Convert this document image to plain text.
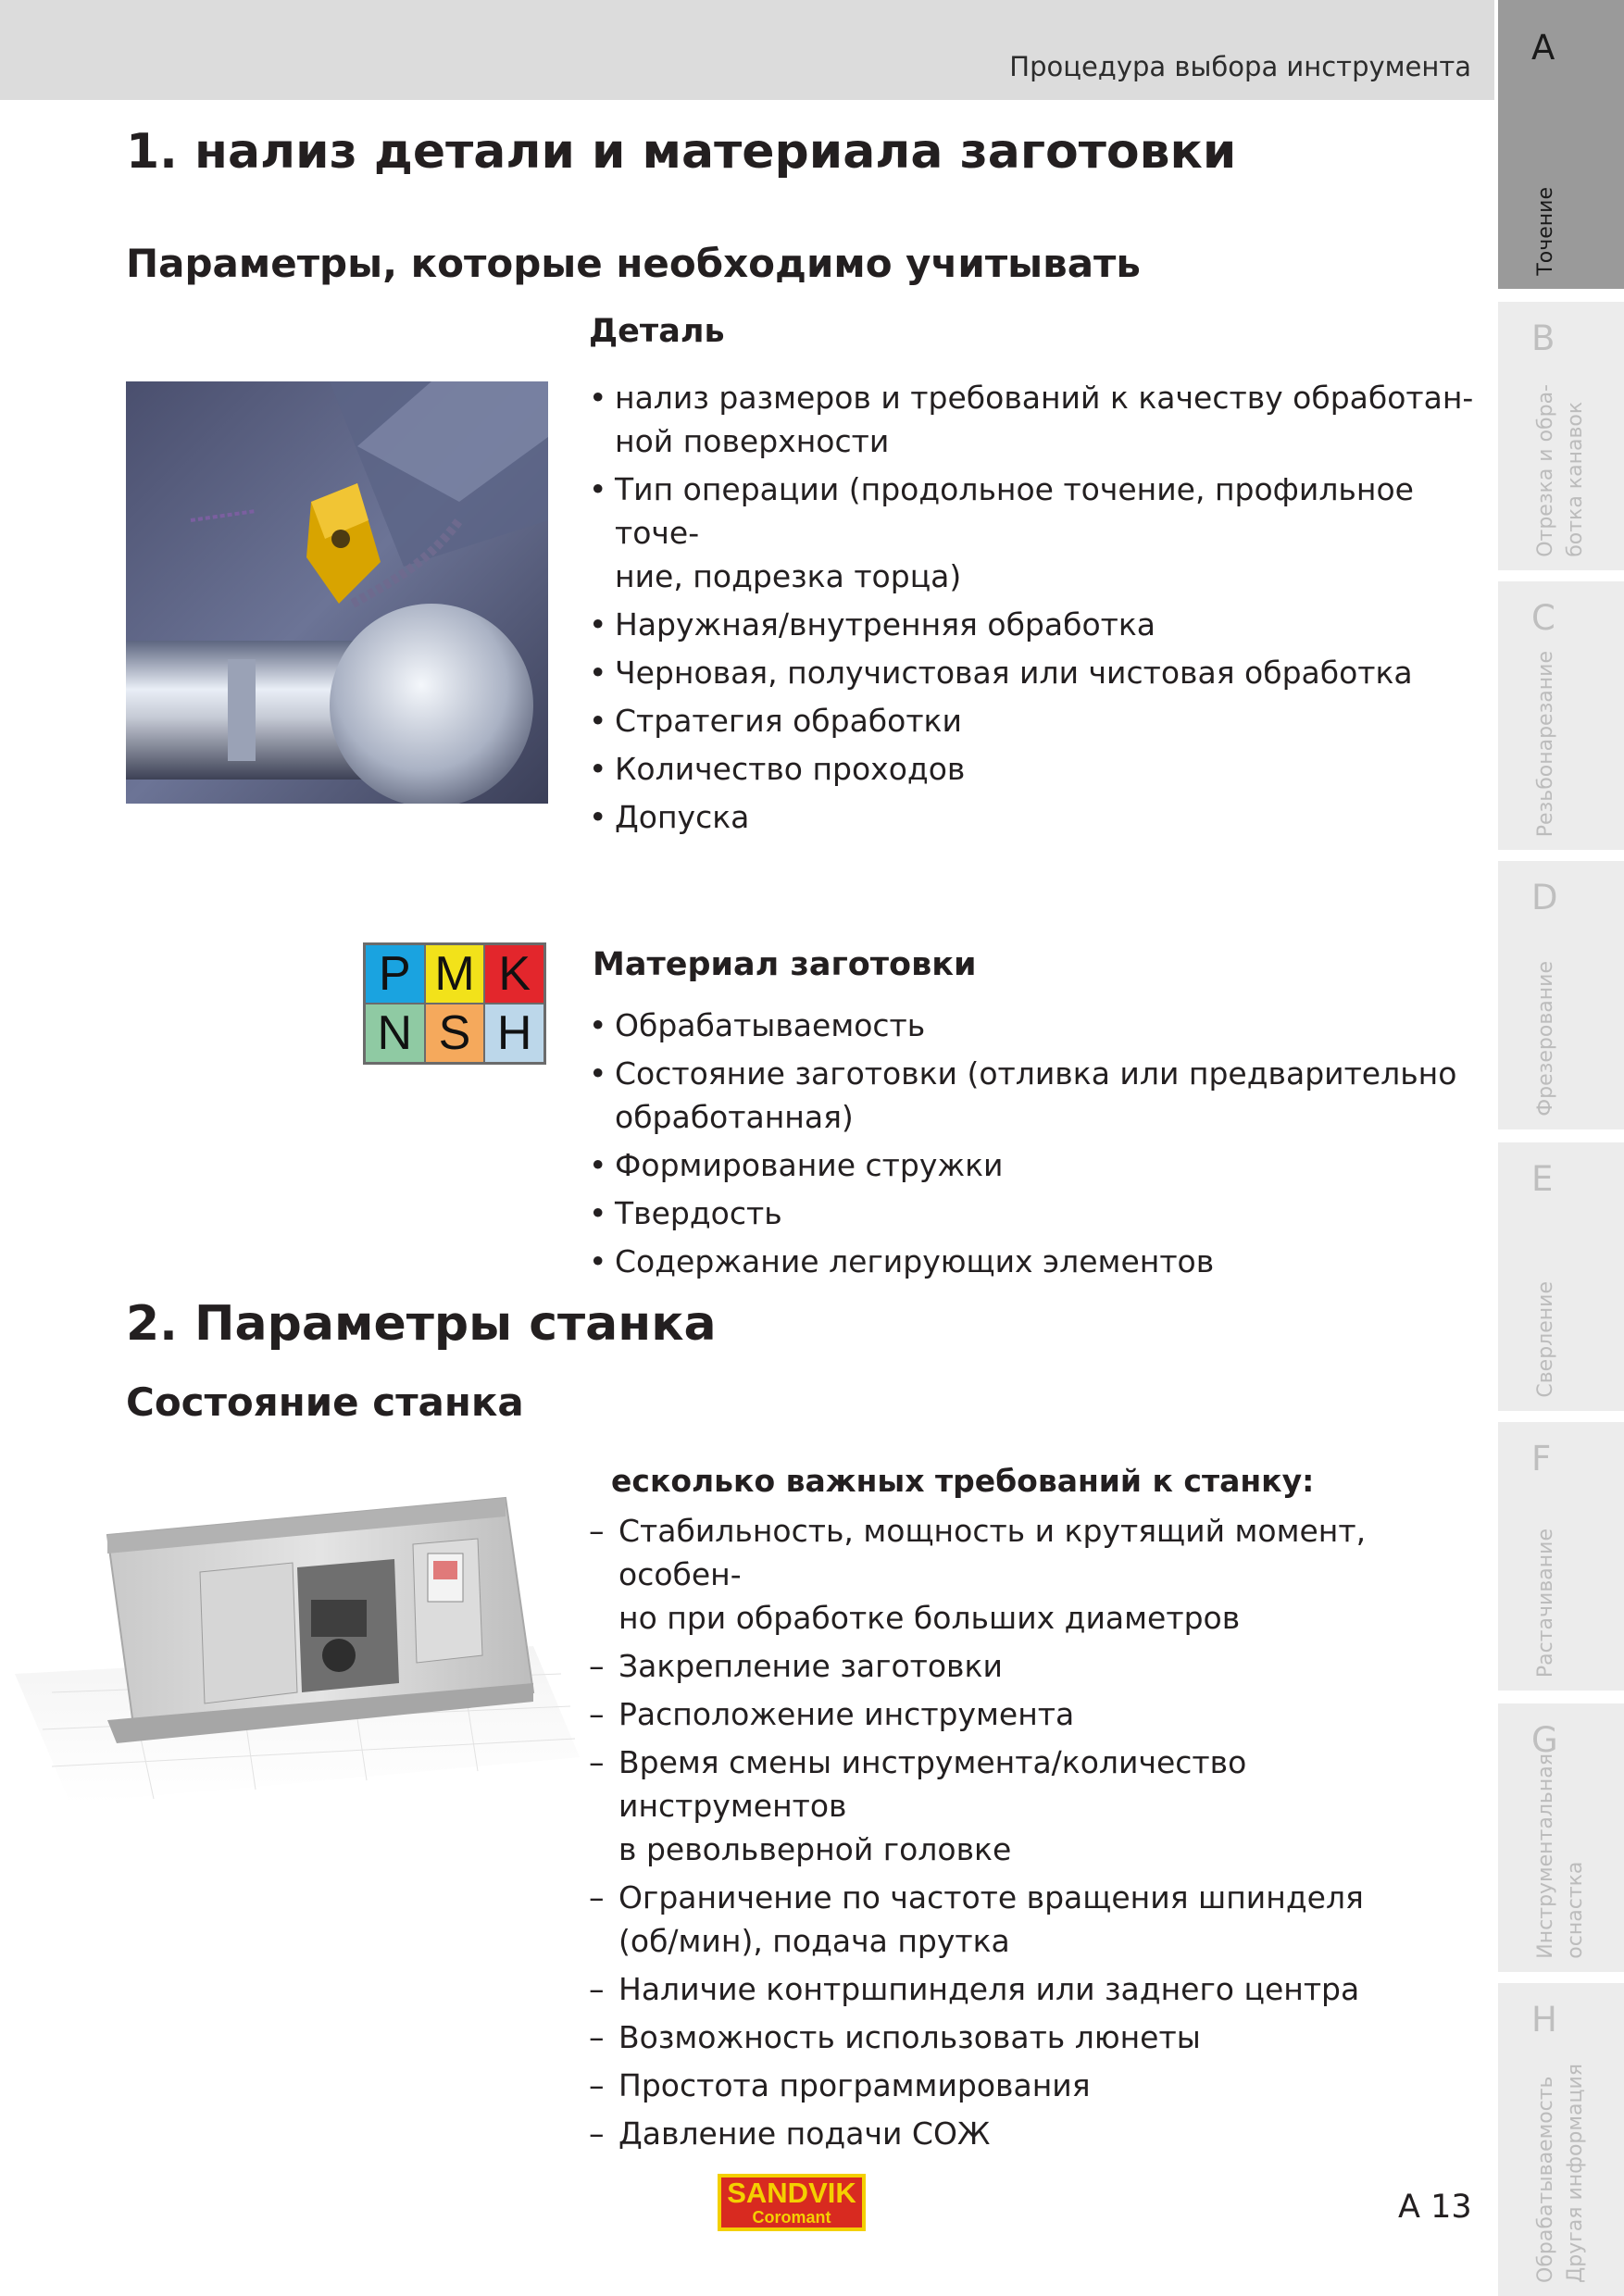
Процедура выбора инструмента A
Точение
B
Отрезка и обра-
ботка канавок
C
Резьбонарезание
D
Фрезерование
E
Сверление
F
Растачивание
G
Инструментальная
оснастка
H
Обрабатываемость
Другая информация
1. нализ детали и материала заготовки
Параметры, которые необходимо учитывать
Деталь
• нализ размеров и требований к качеству обработан-
ной поверхности
• Тип операции (продольное точение, профильное точе-
ние, подрезка торца)
• Наружная/внутренняя обработка
• Черновая, получистовая или чистовая обработка
• Стратегия обработки
• Количество проходов
• Допуска
P M K
N S H
Материал заготовки
• Обрабатываемость
• Состояние заготовки (отливка или предварительно
обработанная)
• Формирование стружки
• Твердость
• Содержание легирующих элементов
2. Параметры станка
Состояние станка
есколько важных требований к станку:
– Стабильность, мощность и крутящий момент, особен-
но при обработке больших диаметров
– Закрепление заготовки
– Расположение инструмента
– Время смены инструмента/количество инструментов
в револьверной головке
– Ограничение по частоте вращения шпинделя
(об/мин), подача прутка
– Наличие контршпинделя или заднего центра
– Возможность использовать люнеты
– Простота программирования
– Давление подачи СОЖ
SANDVIK
Coromant	A 13
